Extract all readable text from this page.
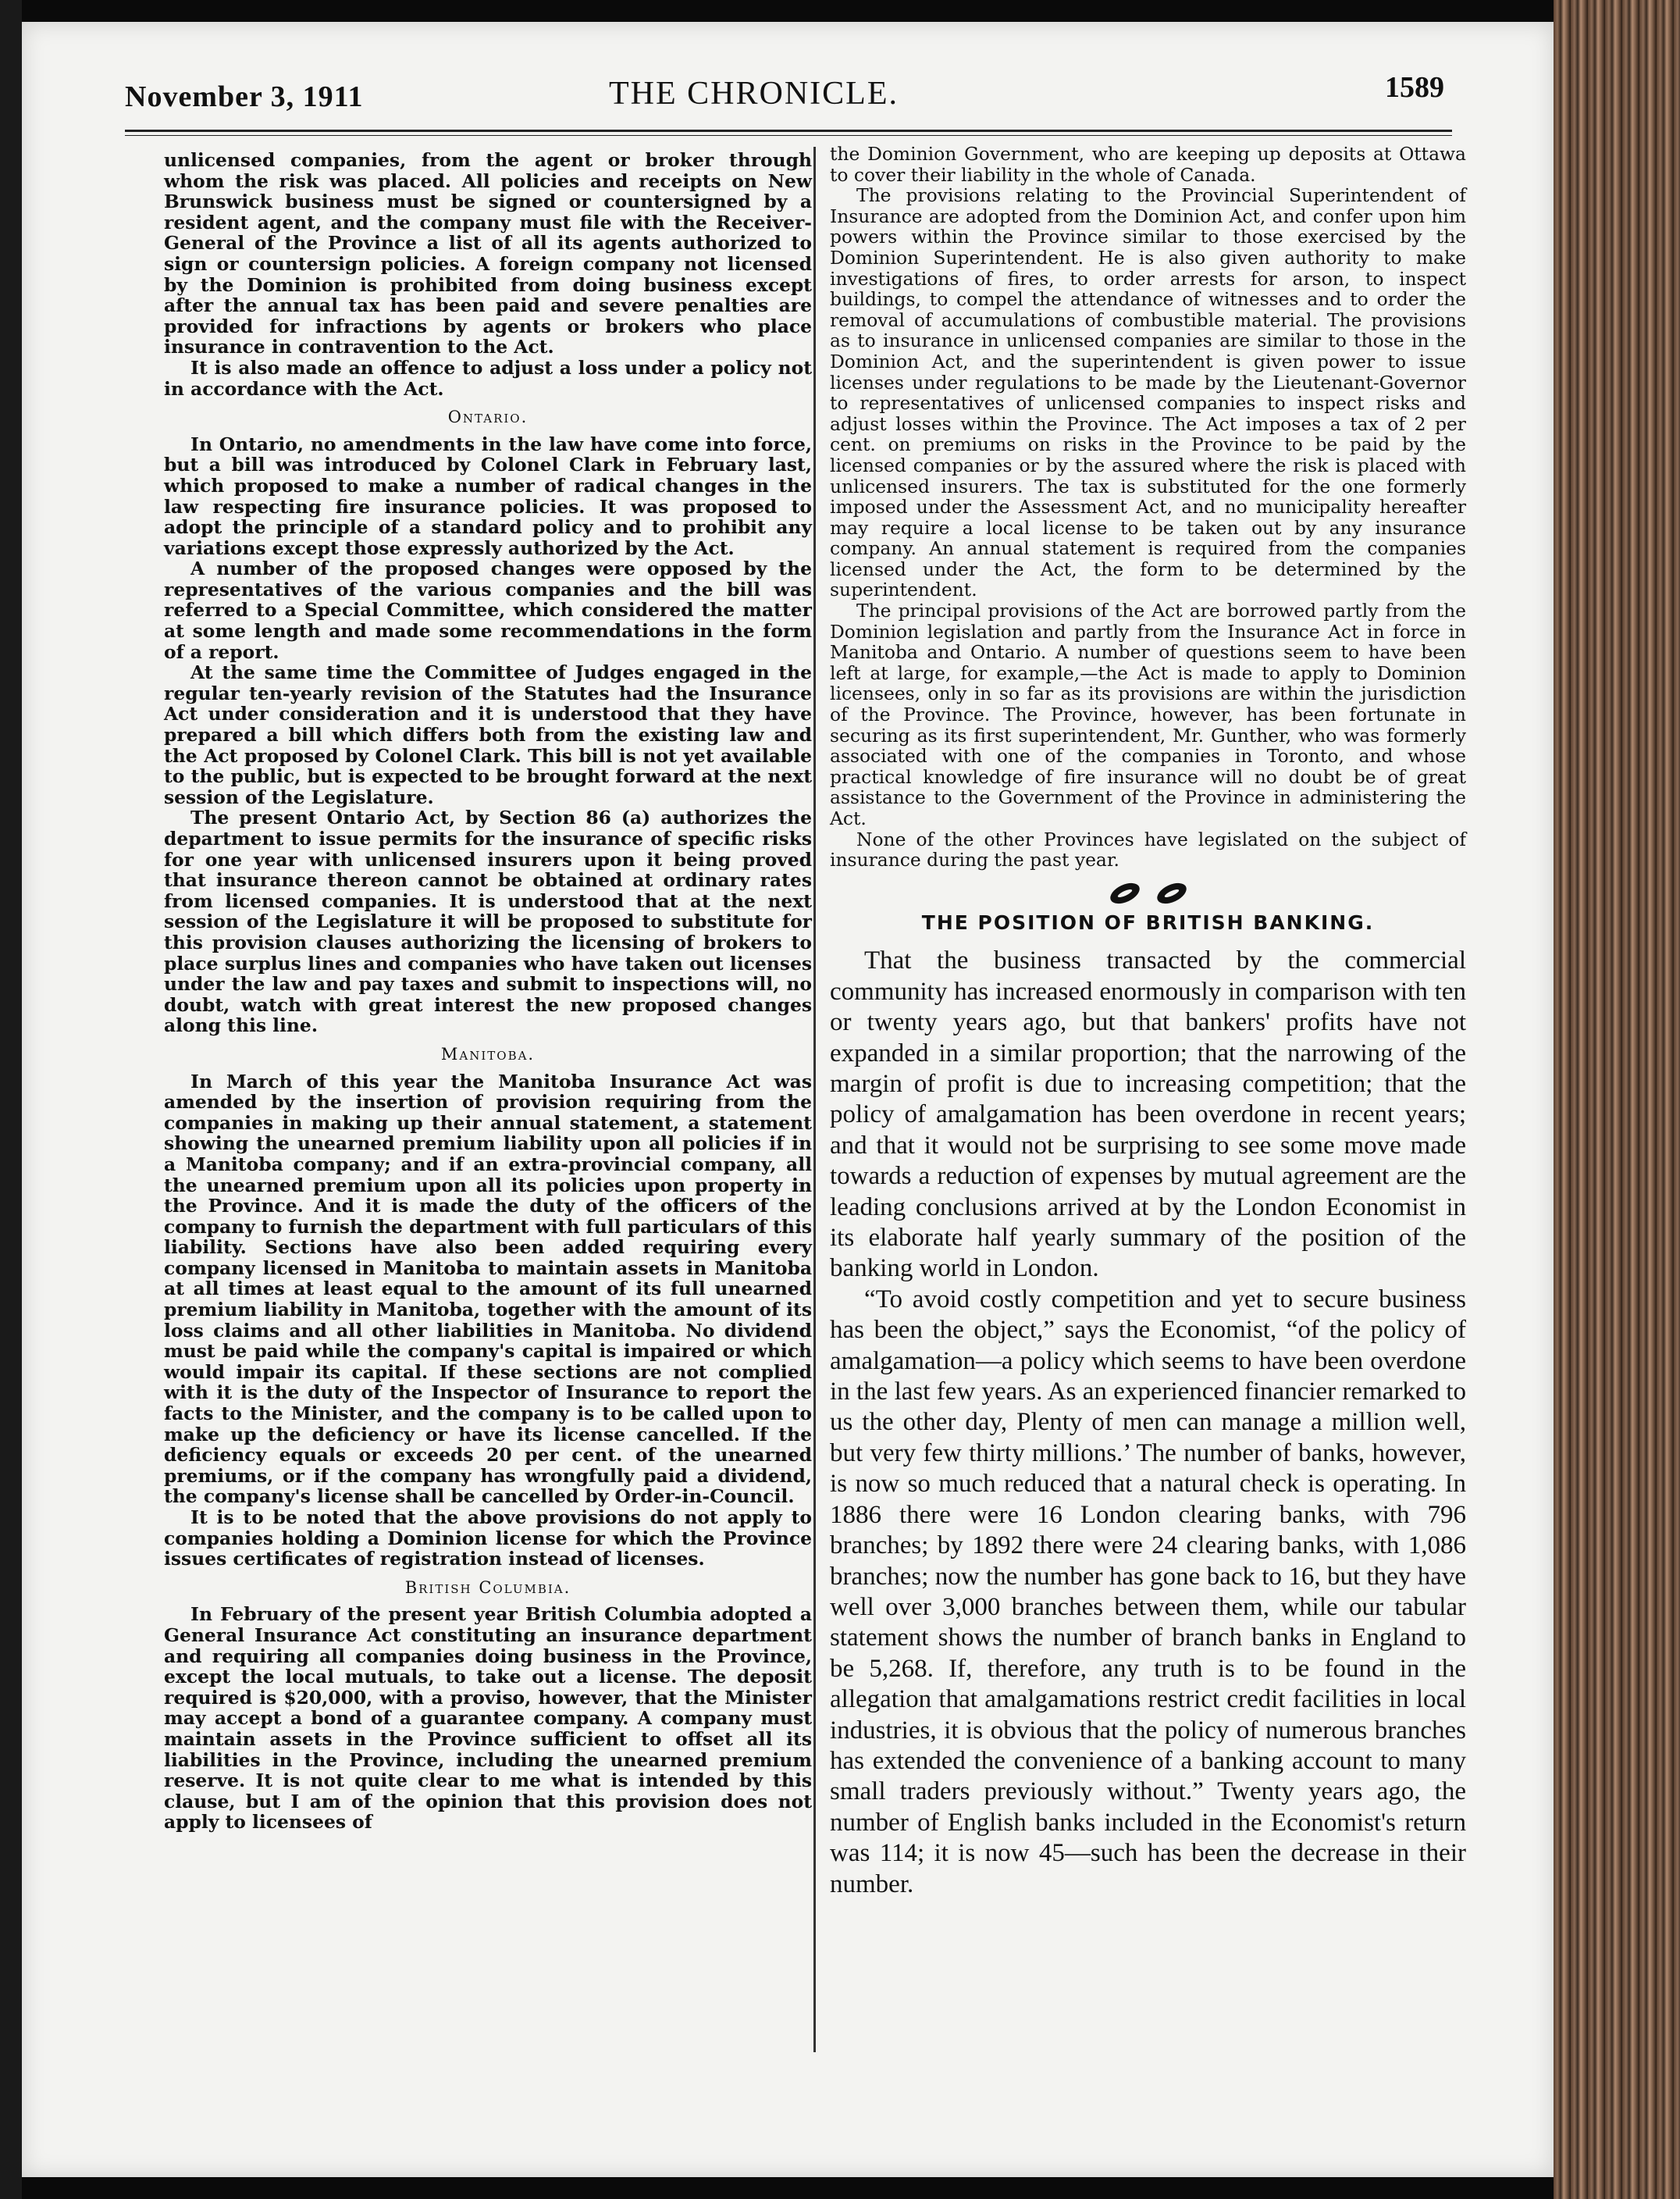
November 3, 1911	THE CHRONICLE.	1589

unlicensed companies, from the agent or broker through whom the risk was placed. All policies and receipts on New Brunswick business must be signed or countersigned by a resident agent, and the company must file with the Receiver-General of the Province a list of all its agents authorized to sign or countersign policies. A foreign company not licensed by the Dominion is prohibited from doing business except after the annual tax has been paid and severe penalties are provided for infractions by agents or brokers who place insurance in contravention to the Act.

It is also made an offence to adjust a loss under a policy not in accordance with the Act.

Ontario.

In Ontario, no amendments in the law have come into force, but a bill was introduced by Colonel Clark in February last, which proposed to make a number of radical changes in the law respecting fire insurance policies. It was proposed to adopt the principle of a standard policy and to prohibit any variations except those expressly authorized by the Act.

A number of the proposed changes were opposed by the representatives of the various companies and the bill was referred to a Special Committee, which considered the matter at some length and made some recommendations in the form of a report.

At the same time the Committee of Judges engaged in the regular ten-yearly revision of the Statutes had the Insurance Act under consideration and it is understood that they have prepared a bill which differs both from the existing law and the Act proposed by Colonel Clark. This bill is not yet available to the public, but is expected to be brought forward at the next session of the Legislature.

The present Ontario Act, by Section 86 (a) authorizes the department to issue permits for the insurance of specific risks for one year with unlicensed insurers upon it being proved that insurance thereon cannot be obtained at ordinary rates from licensed companies. It is understood that at the next session of the Legislature it will be proposed to substitute for this provision clauses authorizing the licensing of brokers to place surplus lines and companies who have taken out licenses under the law and pay taxes and submit to inspections will, no doubt, watch with great interest the new proposed changes along this line.

Manitoba.

In March of this year the Manitoba Insurance Act was amended by the insertion of provision requiring from the companies in making up their annual statement, a statement showing the unearned premium liability upon all policies if in a Manitoba company; and if an extra-provincial company, all the unearned premium upon all its policies upon property in the Province. And it is made the duty of the officers of the company to furnish the department with full particulars of this liability. Sections have also been added requiring every company licensed in Manitoba to maintain assets in Manitoba at all times at least equal to the amount of its full unearned premium liability in Manitoba, together with the amount of its loss claims and all other liabilities in Manitoba. No dividend must be paid while the company's capital is impaired or which would impair its capital. If these sections are not complied with it is the duty of the Inspector of Insurance to report the facts to the Minister, and the company is to be called upon to make up the deficiency or have its license cancelled. If the deficiency equals or exceeds 20 per cent. of the unearned premiums, or if the company has wrongfully paid a dividend, the company's license shall be cancelled by Order-in-Council.

It is to be noted that the above provisions do not apply to companies holding a Dominion license for which the Province issues certificates of registration instead of licenses.

British Columbia.

In February of the present year British Columbia adopted a General Insurance Act constituting an insurance department and requiring all companies doing business in the Province, except the local mutuals, to take out a license. The deposit required is $20,000, with a proviso, however, that the Minister may accept a bond of a guarantee company. A company must maintain assets in the Province sufficient to offset all its liabilities in the Province, including the unearned premium reserve. It is not quite clear to me what is intended by this clause, but I am of the opinion that this provision does not apply to licensees of

the Dominion Government, who are keeping up deposits at Ottawa to cover their liability in the whole of Canada.

The provisions relating to the Provincial Superintendent of Insurance are adopted from the Dominion Act, and confer upon him powers within the Province similar to those exercised by the Dominion Superintendent. He is also given authority to make investigations of fires, to order arrests for arson, to inspect buildings, to compel the attendance of witnesses and to order the removal of accumulations of combustible material. The provisions as to insurance in unlicensed companies are similar to those in the Dominion Act, and the superintendent is given power to issue licenses under regulations to be made by the Lieutenant-Governor to representatives of unlicensed companies to inspect risks and adjust losses within the Province. The Act imposes a tax of 2 per cent. on premiums on risks in the Province to be paid by the licensed companies or by the assured where the risk is placed with unlicensed insurers. The tax is substituted for the one formerly imposed under the Assessment Act, and no municipality hereafter may require a local license to be taken out by any insurance company. An annual statement is required from the companies licensed under the Act, the form to be determined by the superintendent.

The principal provisions of the Act are borrowed partly from the Dominion legislation and partly from the Insurance Act in force in Manitoba and Ontario. A number of questions seem to have been left at large, for example,—the Act is made to apply to Dominion licensees, only in so far as its provisions are within the jurisdiction of the Province. The Province, however, has been fortunate in securing as its first superintendent, Mr. Gunther, who was formerly associated with one of the companies in Toronto, and whose practical knowledge of fire insurance will no doubt be of great assistance to the Government of the Province in administering the Act.

None of the other Provinces have legislated on the subject of insurance during the past year.

THE POSITION OF BRITISH BANKING.

That the business transacted by the commercial community has increased enormously in comparison with ten or twenty years ago, but that bankers' profits have not expanded in a similar proportion; that the narrowing of the margin of profit is due to increasing competition; that the policy of amalgamation has been overdone in recent years; and that it would not be surprising to see some move made towards a reduction of expenses by mutual agreement are the leading conclusions arrived at by the London Economist in its elaborate half yearly summary of the position of the banking world in London.

“To avoid costly competition and yet to secure business has been the object,” says the Economist, “of the policy of amalgamation—a policy which seems to have been overdone in the last few years. As an experienced financier remarked to us the other day, Plenty of men can manage a million well, but very few thirty millions.’ The number of banks, however, is now so much reduced that a natural check is operating. In 1886 there were 16 London clearing banks, with 796 branches; by 1892 there were 24 clearing banks, with 1,086 branches; now the number has gone back to 16, but they have well over 3,000 branches between them, while our tabular statement shows the number of branch banks in England to be 5,268. If, therefore, any truth is to be found in the allegation that amalgamations restrict credit facilities in local industries, it is obvious that the policy of numerous branches has extended the convenience of a banking account to many small traders previously without.” Twenty years ago, the number of English banks included in the Economist's return was 114; it is now 45—such has been the decrease in their number.
